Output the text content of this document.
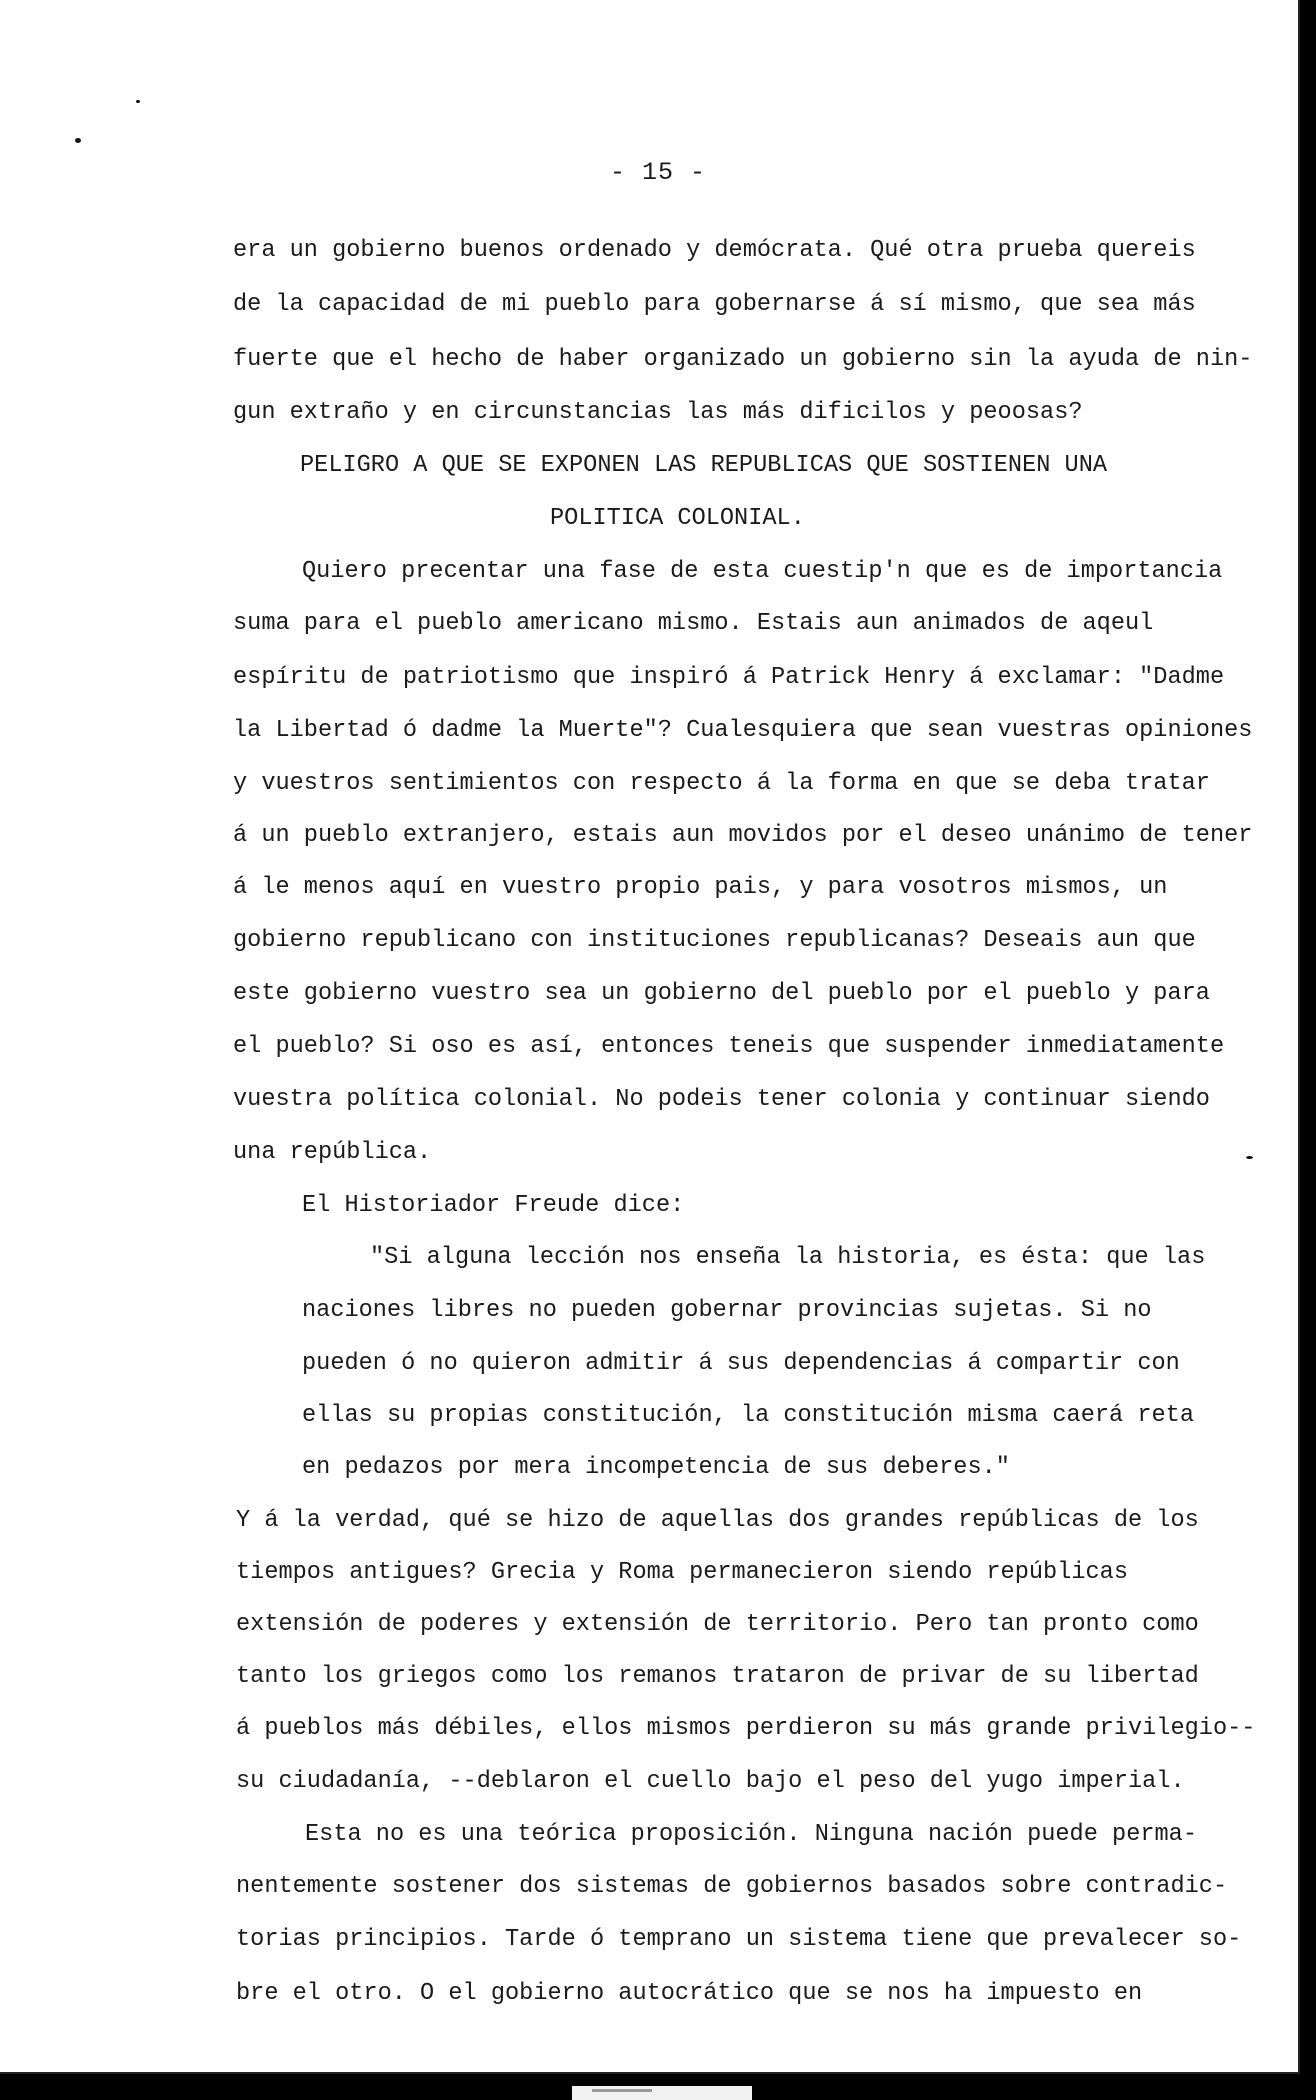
- 15 -
era un gobierno buenos ordenado y demócrata. Qué otra prueba quereis
de la capacidad de mi pueblo para gobernarse á sí mismo, que sea más
fuerte que el hecho de haber organizado un gobierno sin la ayuda de nin-
gun extraño y en circunstancias las más dificilos y peoosas?
PELIGRO A QUE SE EXPONEN LAS REPUBLICAS QUE SOSTIENEN UNA
POLITICA COLONIAL.
Quiero precentar una fase de esta cuestip'n que es de importancia
suma para el pueblo americano mismo. Estais aun animados de aqeul
espíritu de patriotismo que inspiró á Patrick Henry á exclamar: "Dadme
la Libertad ó dadme la Muerte"? Cualesquiera que sean vuestras opiniones
y vuestros sentimientos con respecto á la forma en que se deba tratar
á un pueblo extranjero, estais aun movidos por el deseo unánimo de tener
á le menos aquí en vuestro propio pais, y para vosotros mismos, un
gobierno republicano con instituciones republicanas? Deseais aun que
este gobierno vuestro sea un gobierno del pueblo por el pueblo y para
el pueblo? Si oso es así, entonces teneis que suspender inmediatamente
vuestra política colonial. No podeis tener colonia y continuar siendo
una república.
El Historiador Freude dice:
"Si alguna lección nos enseña la historia, es ésta: que las
naciones libres no pueden gobernar provincias sujetas. Si no
pueden ó no quieron admitir á sus dependencias á compartir con
ellas su propias constitución, la constitución misma caerá reta
en pedazos por mera incompetencia de sus deberes."
Y á la verdad, qué se hizo de aquellas dos grandes repúblicas de los
tiempos antigues? Grecia y Roma permanecieron siendo repúblicas
extensión de poderes y extensión de territorio. Pero tan pronto como
tanto los griegos como los remanos trataron de privar de su libertad
á pueblos más débiles, ellos mismos perdieron su más grande privilegio--
su ciudadanía, --deblaron el cuello bajo el peso del yugo imperial.
Esta no es una teórica proposición. Ninguna nación puede perma-
nentemente sostener dos sistemas de gobiernos basados sobre contradic-
torias principios. Tarde ó temprano un sistema tiene que prevalecer so-
bre el otro. O el gobierno autocrático que se nos ha impuesto en
